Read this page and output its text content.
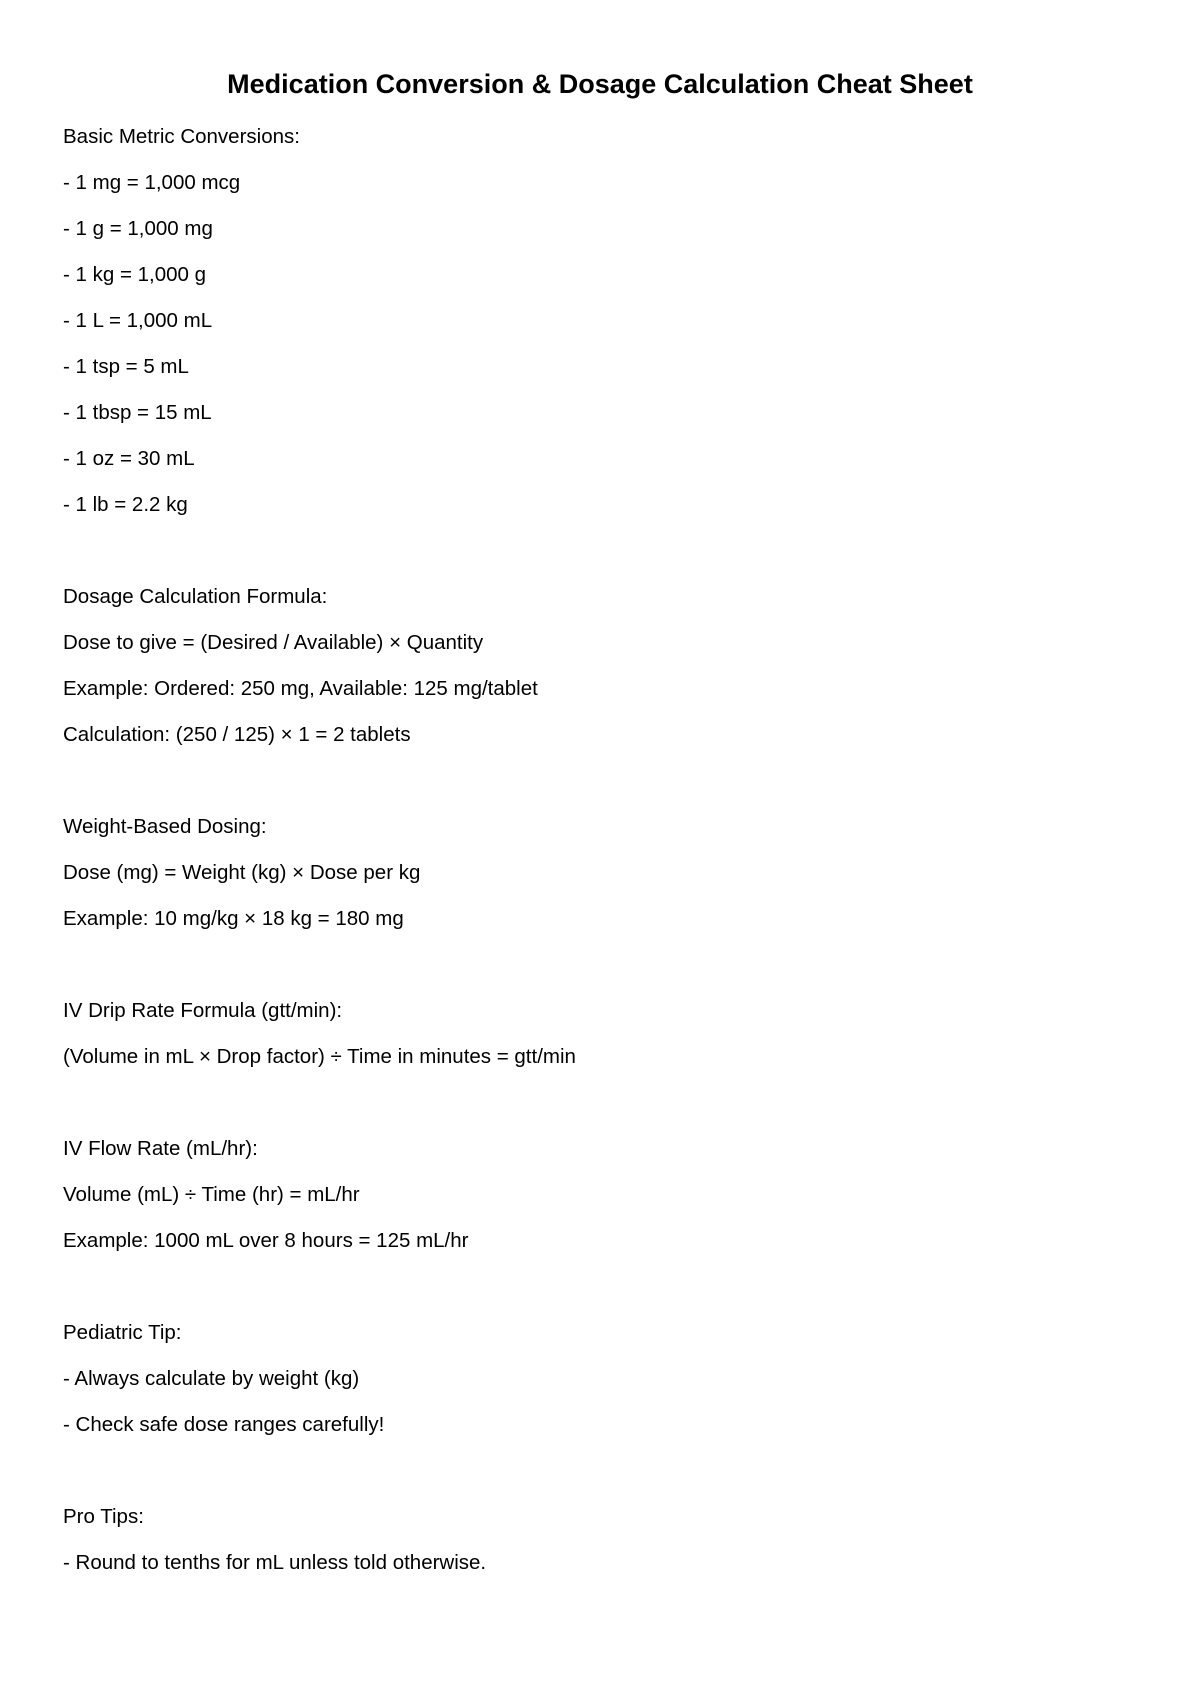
Medication Conversion & Dosage Calculation Cheat Sheet
Basic Metric Conversions:
- 1 mg = 1,000 mcg
- 1 g = 1,000 mg
- 1 kg = 1,000 g
- 1 L = 1,000 mL
- 1 tsp = 5 mL
- 1 tbsp = 15 mL
- 1 oz = 30 mL
- 1 lb = 2.2 kg
Dosage Calculation Formula:
Dose to give = (Desired / Available) × Quantity
Example: Ordered: 250 mg, Available: 125 mg/tablet
Calculation: (250 / 125) × 1 = 2 tablets
Weight-Based Dosing:
Dose (mg) = Weight (kg) × Dose per kg
Example: 10 mg/kg × 18 kg = 180 mg
IV Drip Rate Formula (gtt/min):
(Volume in mL × Drop factor) ÷ Time in minutes = gtt/min
IV Flow Rate (mL/hr):
Volume (mL) ÷ Time (hr) = mL/hr
Example: 1000 mL over 8 hours = 125 mL/hr
Pediatric Tip:
- Always calculate by weight (kg)
- Check safe dose ranges carefully!
Pro Tips:
- Round to tenths for mL unless told otherwise.
